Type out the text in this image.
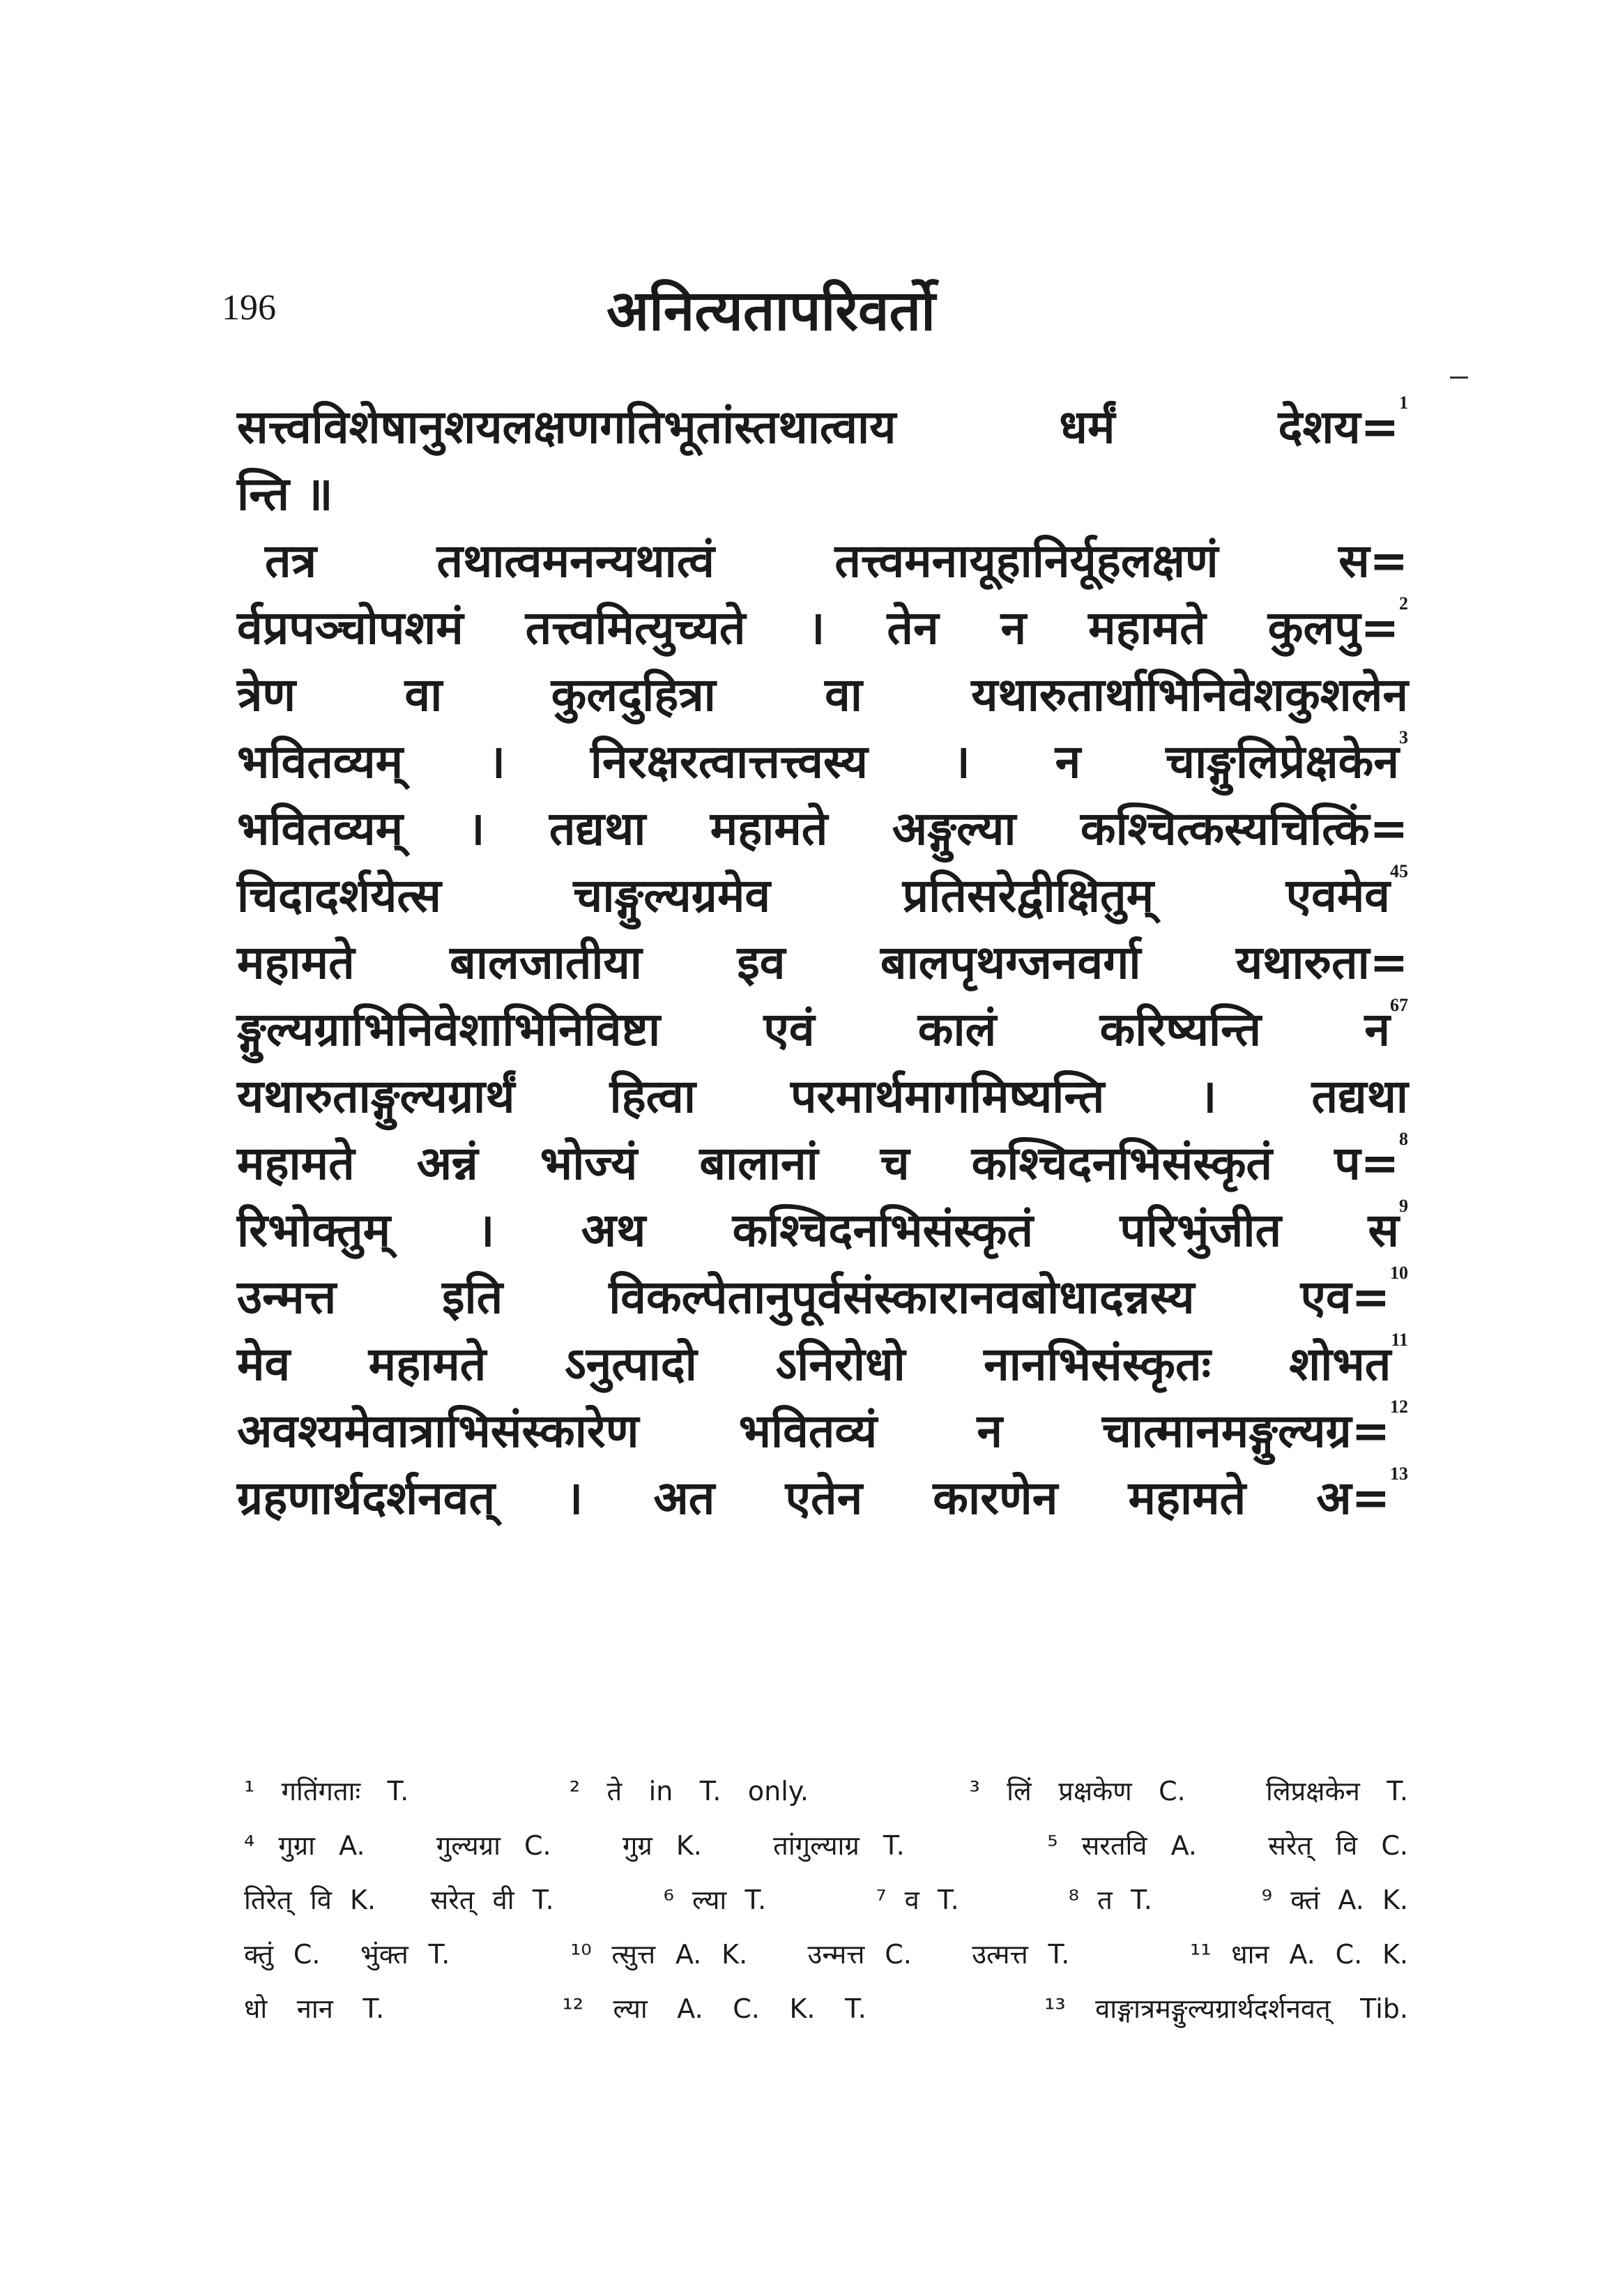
196	अनित्यतापरिवर्तो
सत्त्वविशेषानुशयलक्षणगतिभूतांस्तथात्वाय धर्मं देशय=$^1$
न्ति ॥
तत्र तथात्वमनन्यथात्वं तत्त्वमनायूहानिर्यूहलक्षणं स=
र्वप्रपञ्चोपशमं तत्त्वमित्युच्यते । तेन न महामते कुलपु=$^2$
त्रेण वा कुलदुहित्रा वा यथारुतार्थाभिनिवेशकुशलेन
भवितव्यम् । निरक्षरत्वात्तत्त्वस्य । न चाङ्गुलिप्रेक्षकेन$^3$
भवितव्यम् । तद्यथा महामते अङ्गुल्या कश्चित्कस्यचित्किं=
चिदादर्शयेत्स चाङ्गुल्यग्रमेव प्रतिसरेद्वीक्षितुम् एवमेव$^{45}$
महामते बालजातीया इव बालपृथग्जनवर्गा यथारुता=
ङ्गुल्यग्राभिनिवेशाभिनिविष्टा एवं कालं करिष्यन्ति न$^{67}$
यथारुताङ्गुल्यग्रार्थं हित्वा परमार्थमागमिष्यन्ति । तद्यथा
महामते अन्नं भोज्यं बालानां च कश्चिदनभिसंस्कृतं प=$^8$
रिभोक्तुम् । अथ कश्चिदनभिसंस्कृतं परिभुंजीत स$^9$
उन्मत्त इति विकल्पेतानुपूर्वसंस्कारानवबोधादन्नस्य एव=$^{10}$
मेव महामते ऽनुत्पादो ऽनिरोधो नानभिसंस्कृतः शोभत$^{11}$
अवश्यमेवात्राभिसंस्कारेण भवितव्यं न चात्मानमङ्गुल्यग्र=$^{12}$
ग्रहणार्थदर्शनवत् । अत एतेन कारणेन महामते अ=$^{13}$
¹ गतिंगताः T.      ² ते in T. only.      ³ लिं प्रक्षकेण C.   लिप्रक्षकेन T.
⁴ गुग्रा A.   गुल्यग्रा C.   गुग्र K.   तांगुल्याग्र T.      ⁵ सरतवि A.   सरेत् वि C.
तिरेत् वि K.   सरेत् वी T.      ⁶ ल्या T.      ⁷ व T.      ⁸ त T.      ⁹ क्तं A. K.
क्तुं C.  भुंक्त T.      ¹⁰ त्सुत्त A. K.   उन्मत्त C.   उत्मत्त T.      ¹¹ धान A. C. K.
धो नान T.      ¹² ल्या A. C. K. T.      ¹³ वाङ्गात्रमङ्गुल्यग्रार्थदर्शनवत् Tib.
